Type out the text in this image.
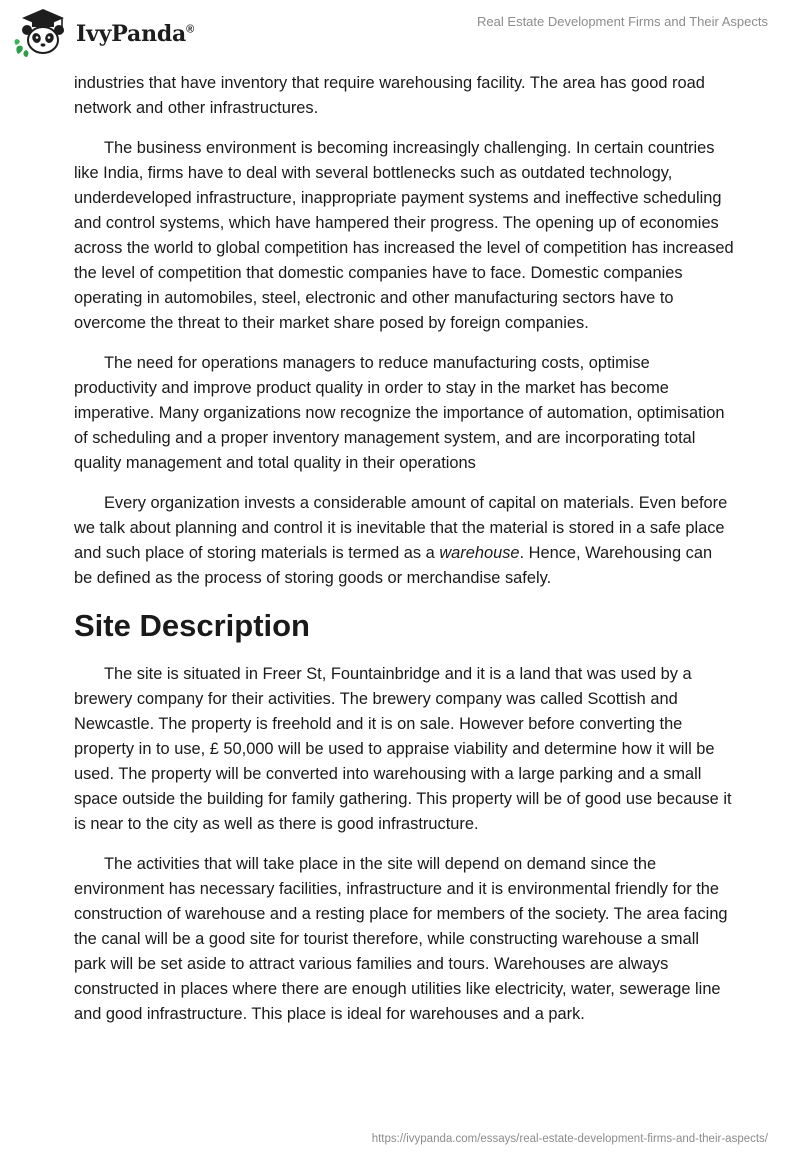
IvyPanda®
Real Estate Development Firms and Their Aspects

industries that have inventory that require warehousing facility. The area has good road network and other infrastructures.

The business environment is becoming increasingly challenging. In certain countries like India, firms have to deal with several bottlenecks such as outdated technology, underdeveloped infrastructure, inappropriate payment systems and ineffective scheduling and control systems, which have hampered their progress. The opening up of economies across the world to global competition has increased the level of competition has increased the level of competition that domestic companies have to face. Domestic companies operating in automobiles, steel, electronic and other manufacturing sectors have to overcome the threat to their market share posed by foreign companies.

The need for operations managers to reduce manufacturing costs, optimise productivity and improve product quality in order to stay in the market has become imperative. Many organizations now recognize the importance of automation, optimisation of scheduling and a proper inventory management system, and are incorporating total quality management and total quality in their operations

Every organization invests a considerable amount of capital on materials. Even before we talk about planning and control it is inevitable that the material is stored in a safe place and such place of storing materials is termed as a warehouse. Hence, Warehousing can be defined as the process of storing goods or merchandise safely.

Site Description

The site is situated in Freer St, Fountainbridge and it is a land that was used by a brewery company for their activities. The brewery company was called Scottish and Newcastle. The property is freehold and it is on sale. However before converting the property in to use, £ 50,000 will be used to appraise viability and determine how it will be used. The property will be converted into warehousing with a large parking and a small space outside the building for family gathering. This property will be of good use because it is near to the city as well as there is good infrastructure.

The activities that will take place in the site will depend on demand since the environment has necessary facilities, infrastructure and it is environmental friendly for the construction of warehouse and a resting place for members of the society. The area facing the canal will be a good site for tourist therefore, while constructing warehouse a small park will be set aside to attract various families and tours. Warehouses are always constructed in places where there are enough utilities like electricity, water, sewerage line and good infrastructure. This place is ideal for warehouses and a park.

https://ivypanda.com/essays/real-estate-development-firms-and-their-aspects/
